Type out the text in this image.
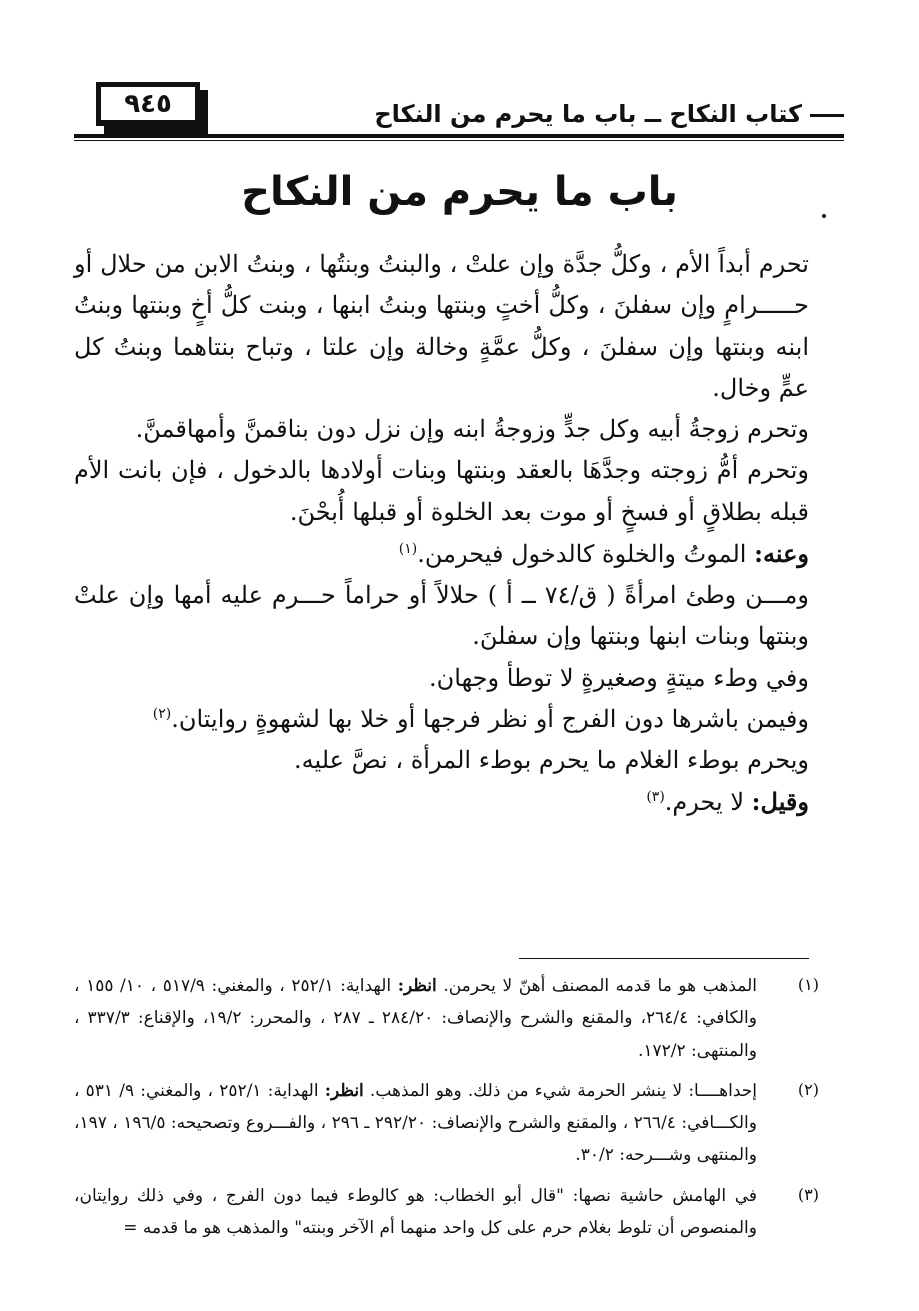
٩٤٥	كتاب النكاح ــ باب ما يحرم من النكاح
باب ما يحرم من النكاح

تحرم أبداً الأم ، وكلُّ جدَّة وإن علتْ ، والبنتُ وبنتُها ، وبنتُ الابن من حلال أو حـــــرامٍ وإن سفلنَ ، وكلُّ أختٍ وبنتها وبنتُ ابنها ، وبنت كلُّ أخٍ وبنتها وبنتُ ابنه وبنتها وإن سفلنَ ، وكلُّ عمَّةٍ وخالة وإن علتا ، وتباح بنتاهما وبنتُ كل عمٍّ وخال.

وتحرم زوجةُ أبيه وكل جدٍّ وزوجةُ ابنه وإن نزل دون بناقمنَّ وأمهاقمنَّ.

وتحرم أمُّ زوجته وجدَّهَا بالعقد وبنتها وبنات أولادها بالدخول ، فإن بانت الأم قبله بطلاقٍ أو فسخٍ أو موت بعد الخلوة أو قبلها أُبحْنَ.

وعنه: الموتُ والخلوة كالدخول فيحرمن.$^{(١)}$

ومـــن وطئ امرأةً ( ق/٧٤ ــ أ ) حلالاً أو حراماً حـــرم عليه أمها وإن علتْ وبنتها وبنات ابنها وبنتها وإن سفلنَ.

وفي وطء ميتةٍ وصغيرةٍ لا توطأ وجهان.

وفيمن باشرها دون الفرج أو نظر فرجها أو خلا بها لشهوةٍ روايتان.$^{(٢)}$

ويحرم بوطء الغلام ما يحرم بوطء المرأة ، نصَّ عليه.

وقيل: لا يحرم.$^{(٣)}$

(١)
المذهب هو ما قدمه المصنف أهنّ لا يحرمن. انظر: الهداية: ٢٥٢/١ ، والمغني: ٥١٧/٩ ، ١٠/ ١٥٥ ، والكافي: ٢٦٤/٤، والمقنع والشرح والإنصاف: ٢٨٤/٢٠ ـ ٢٨٧ ، والمحرر: ١٩/٢، والإقناع: ٣٣٧/٣ ، والمنتهى: ١٧٢/٢.
(٢)
إحداهــــا: لا ينشر الحرمة شيء من ذلك. وهو المذهب. انظر: الهداية: ٢٥٢/١ ، والمغني: ٩/ ٥٣١ ، والكـــافي: ٢٦٦/٤ ، والمقنع والشرح والإنصاف: ٢٩٢/٢٠ ـ ٢٩٦ ، والفـــروع وتصحيحه: ١٩٦/٥ ، ١٩٧، والمنتهى وشـــرحه: ٣٠/٢.
(٣)
في الهامش حاشية نصها: "قال أبو الخطاب: هو كالوطء فيما دون الفرج ، وفي ذلك روايتان، والمنصوص أن تلوط بغلام حرم على كل واحد منهما أم الآخر وبنته" والمذهب هو ما قدمه =
